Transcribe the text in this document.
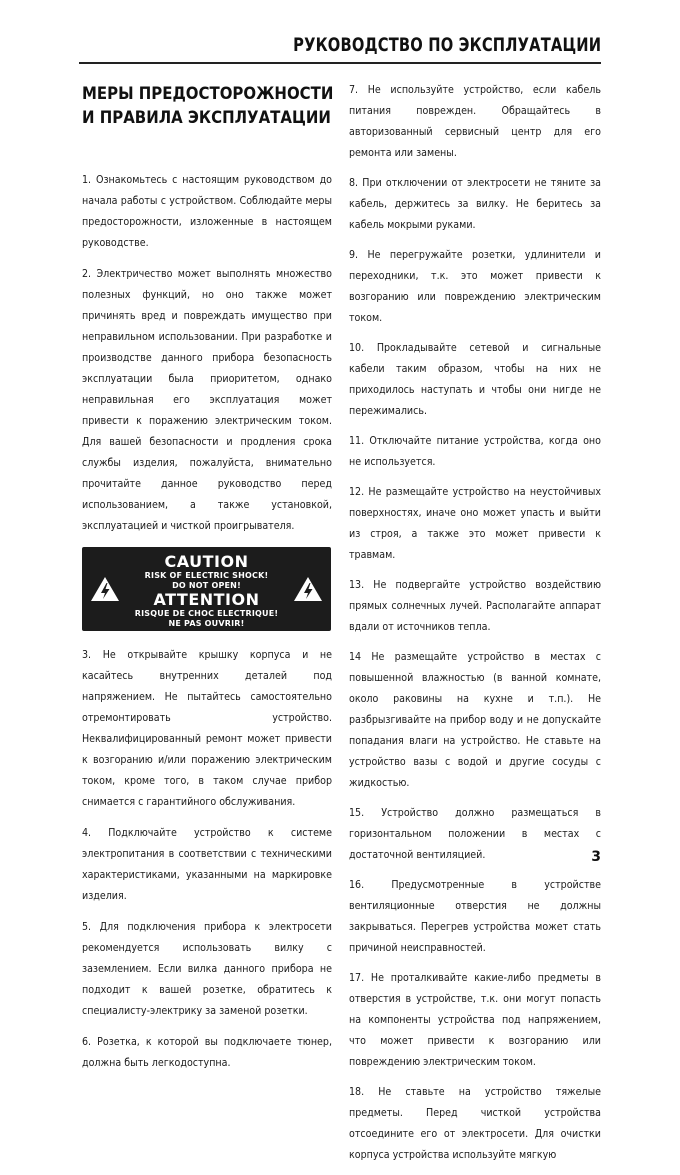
РУКОВОДСТВО ПО ЭКСПЛУАТАЦИИ
МЕРЫ ПРЕДОСТОРОЖНОСТИ
И ПРАВИЛА ЭКСПЛУАТАЦИИ

1. Ознакомьтесь с настоящим руководством до начала работы с устройством. Соблюдайте меры предосторожности, изложенные в настоящем руководстве.

2. Электричество может выполнять множество полезных функций, но оно также может причинять вред и повреждать имущество при неправильном использовании. При разработке и производстве данного прибора безопасность эксплуатации была приоритетом, однако неправильная его эксплуатация может привести к поражению электрическим током. Для вашей безопасности и продления срока службы изделия, пожалуйста, внимательно прочитайте данное руководство перед использованием, а также установкой, эксплуатацией и чисткой проигрывателя.

CAUTION
RISK OF ELECTRIC SHOCK!
DO NOT OPEN!
ATTENTION
RISQUE DE CHOC ELECTRIQUE!
NE PAS OUVRIR!

3. Не открывайте крышку корпуса и не касайтесь внутренних деталей под напряжением. Не пытайтесь самостоятельно отремонтировать устройство. Неквалифицированный ремонт может привести к возгоранию и/или поражению электрическим током, кроме того, в таком случае прибор снимается с гарантийного обслуживания.

4. Подключайте устройство к системе электропитания в соответствии с техническими характеристиками, указанными на маркировке изделия.

5. Для подключения прибора к электросети рекомендуется использовать вилку с заземлением. Если вилка данного прибора не подходит к вашей розетке, обратитесь к специалисту-электрику за заменой розетки.

6. Розетка, к которой вы подключаете тюнер, должна быть легкодоступна.

7. Не используйте устройство, если кабель питания поврежден. Обращайтесь в авторизованный сервисный центр для его ремонта или замены.

8. При отключении от электросети не тяните за кабель, держитесь за вилку. Не беритесь за кабель мокрыми руками.

9. Не перегружайте розетки, удлинители и переходники, т.к. это может привести к возгоранию или повреждению электрическим током.

10. Прокладывайте сетевой и сигнальные кабели таким образом, чтобы на них не приходилось наступать и чтобы они нигде не пережимались.

11. Отключайте питание устройства, когда оно не используется.

12. Не размещайте устройство на неустойчивых поверхностях, иначе оно может упасть и выйти из строя, а также это может привести к травмам.

13. Не подвергайте устройство воздействию прямых солнечных лучей. Располагайте аппарат вдали от источников тепла.

14 Не размещайте устройство в местах с повышенной влажностью (в ванной комнате, около раковины на кухне и т.п.). Не разбрызгивайте на прибор воду и не допускайте попадания влаги на устройство. Не ставьте на устройство вазы с водой и другие сосуды с жидкостью.

15. Устройство должно размещаться в горизонтальном положении в местах с достаточной вентиляцией.

16. Предусмотренные в устройстве вентиляционные отверстия не должны закрываться. Перегрев устройства может стать причиной неисправностей.

17. Не проталкивайте какие-либо предметы в отверстия в устройстве, т.к. они могут попасть на компоненты устройства под напряжением, что может привести к возгоранию или повреждению электрическим током.

18. Не ставьте на устройство тяжелые предметы. Перед чисткой устройства отсоедините его от электросети. Для очистки корпуса устройства используйте мягкую

3
